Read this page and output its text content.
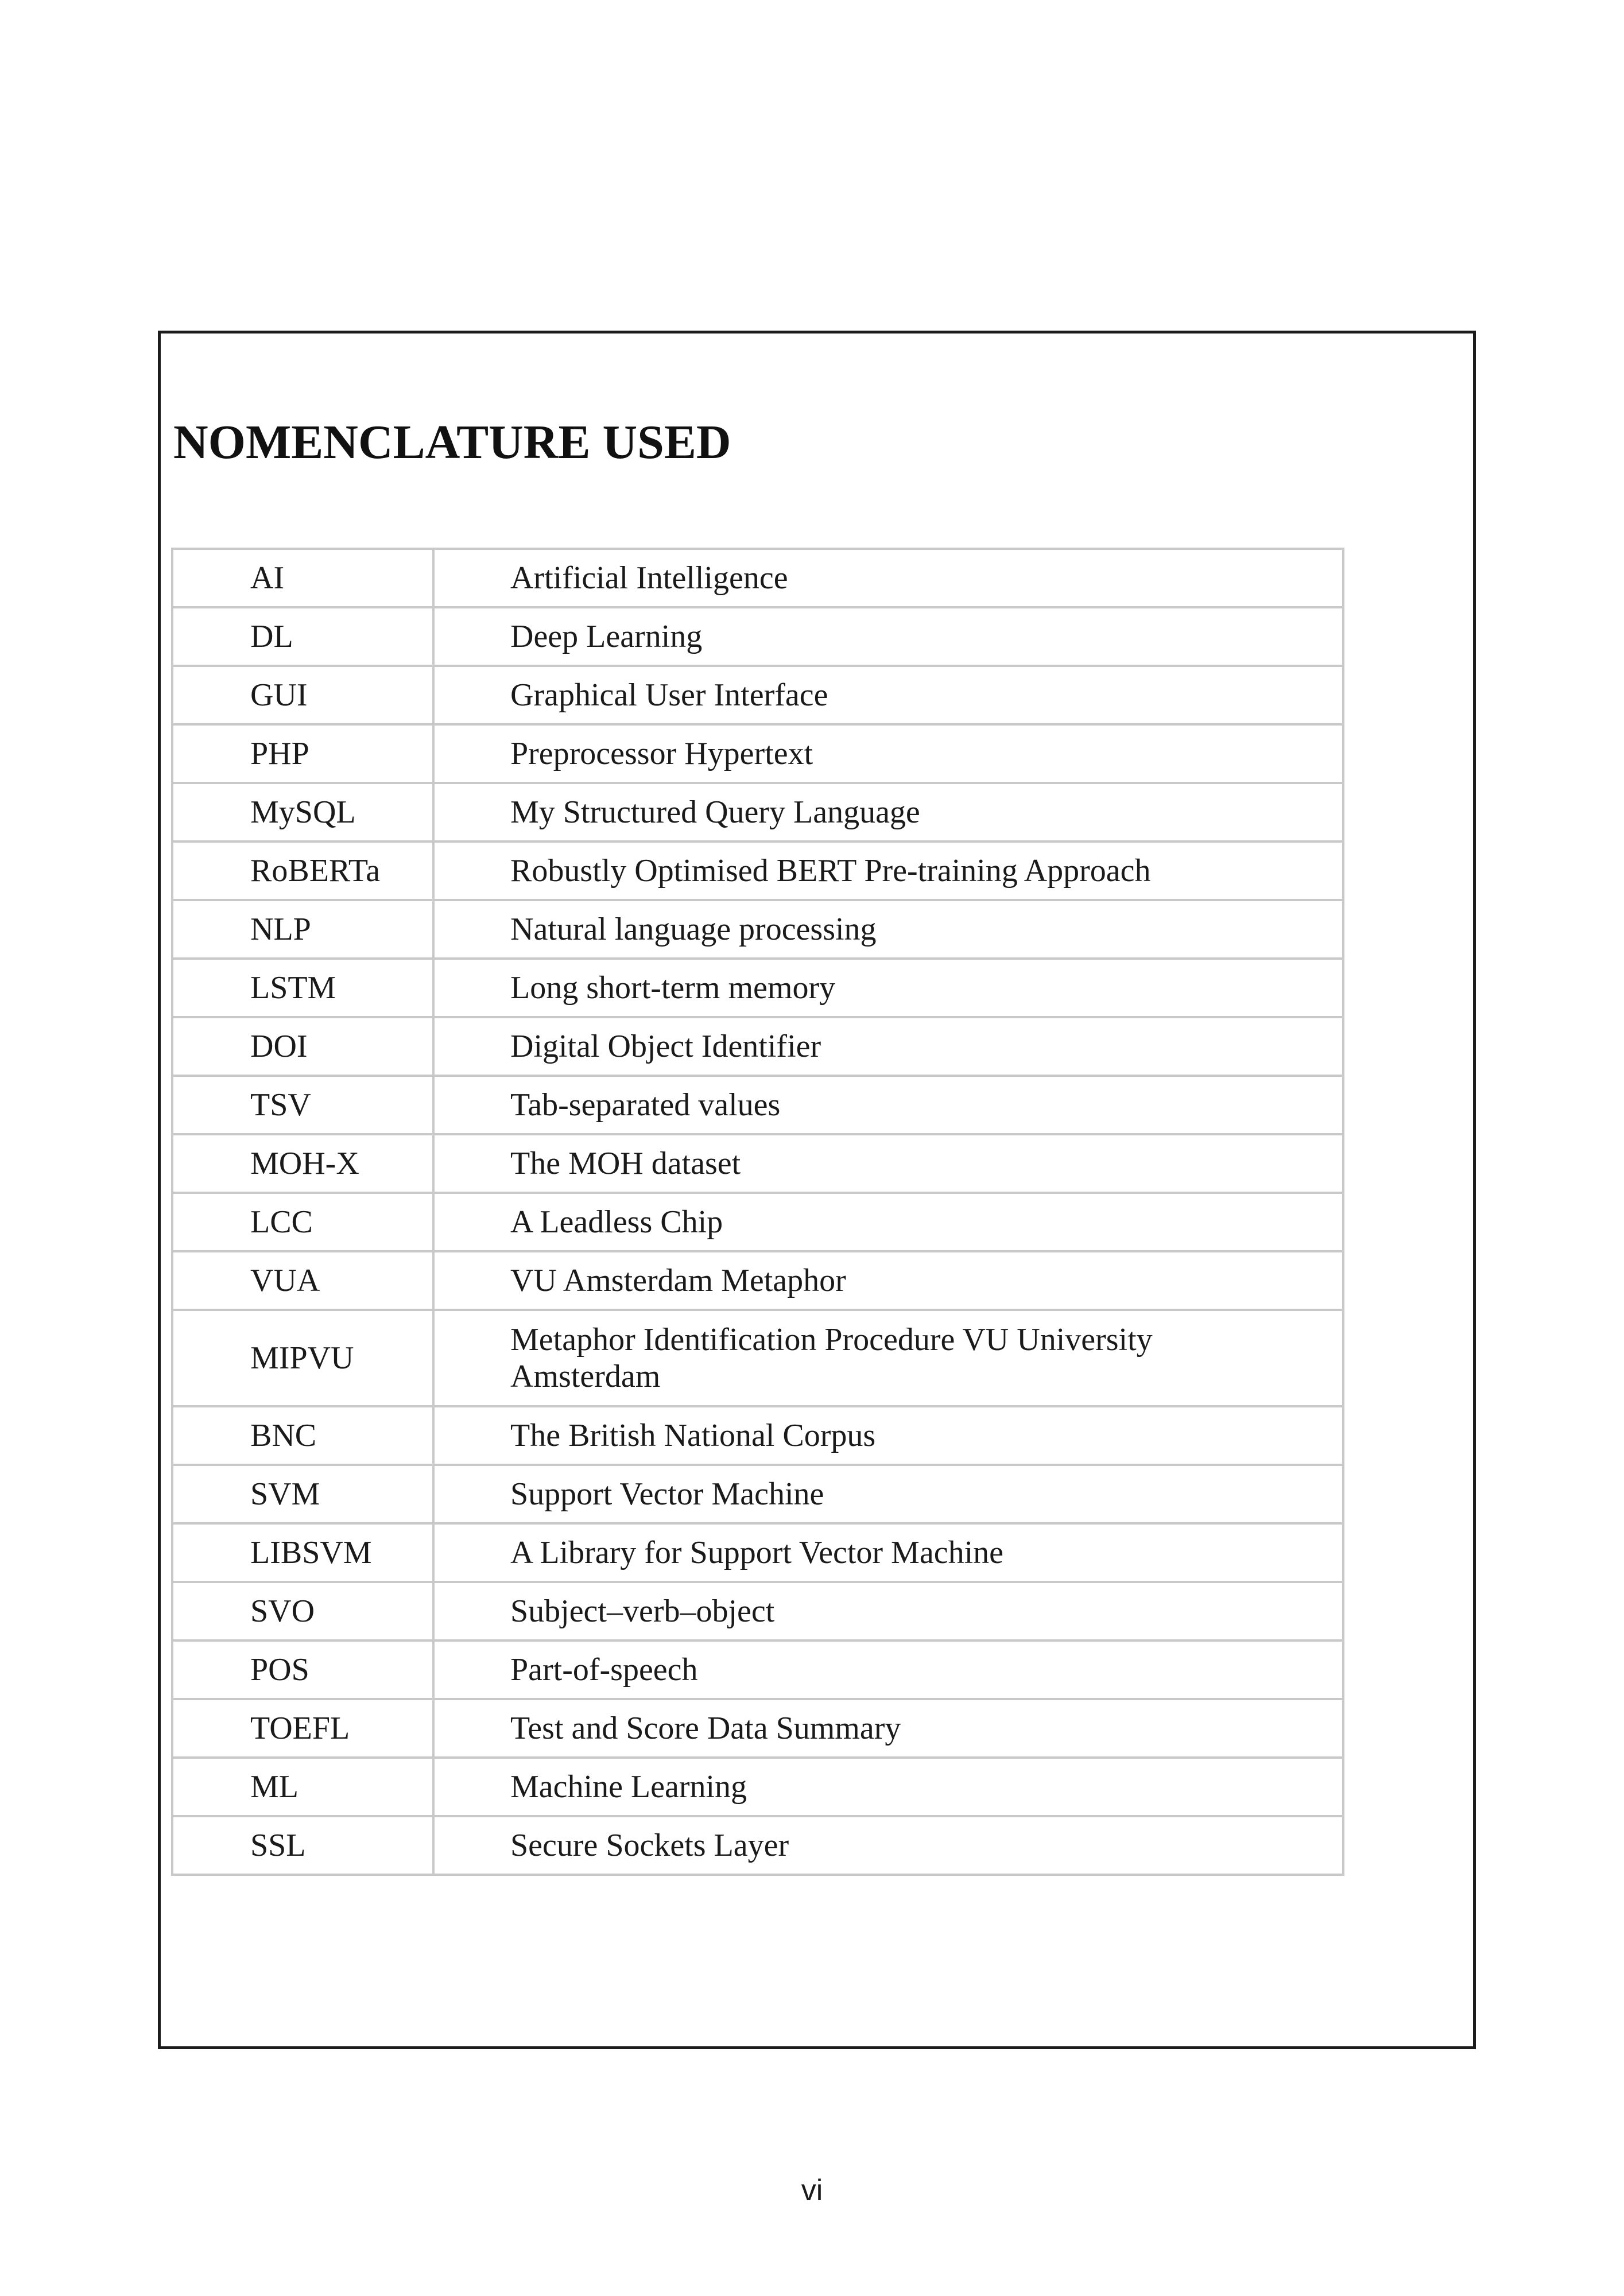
NOMENCLATURE USED
AI	Artificial Intelligence
DL	Deep Learning
GUI	Graphical User Interface
PHP	Preprocessor Hypertext
MySQL	My Structured Query Language
RoBERTa	Robustly Optimised BERT Pre-training Approach
NLP	Natural language processing
LSTM	Long short-term memory
DOI	Digital Object Identifier
TSV	Tab-separated values
MOH-X	The MOH dataset
LCC	A Leadless Chip
VUA	VU Amsterdam Metaphor
MIPVU	Metaphor Identification Procedure VU University Amsterdam
BNC	The British National Corpus
SVM	Support Vector Machine
LIBSVM	A Library for Support Vector Machine
SVO	Subject–verb–object
POS	Part-of-speech
TOEFL	Test and Score Data Summary
ML	Machine Learning
SSL	Secure Sockets Layer
vi
